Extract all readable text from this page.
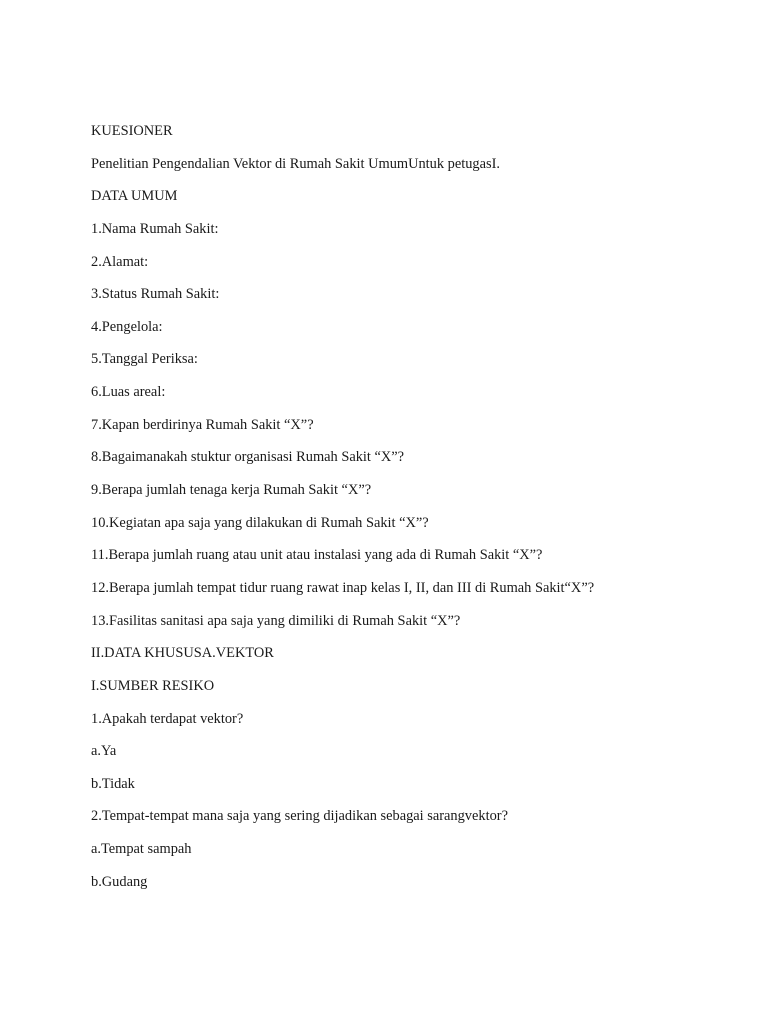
KUESIONER
Penelitian Pengendalian Vektor di Rumah Sakit UmumUntuk petugasI.
DATA UMUM
1.Nama Rumah Sakit:
2.Alamat:
3.Status Rumah Sakit:
4.Pengelola:
5.Tanggal Periksa:
6.Luas areal:
7.Kapan berdirinya Rumah Sakit “X”?
8.Bagaimanakah stuktur organisasi Rumah Sakit “X”?
9.Berapa jumlah tenaga kerja Rumah Sakit “X”?
10.Kegiatan apa saja yang dilakukan di Rumah Sakit “X”?
11.Berapa jumlah ruang atau unit atau instalasi yang ada di Rumah Sakit “X”?
12.Berapa jumlah tempat tidur ruang rawat inap kelas I, II, dan III di Rumah Sakit“X”?
13.Fasilitas sanitasi apa saja yang dimiliki di Rumah Sakit “X”?
II.DATA KHUSUSA.VEKTOR
I.SUMBER RESIKO
1.Apakah terdapat vektor?
a.Ya
b.Tidak
2.Tempat-tempat mana saja yang sering dijadikan sebagai sarangvektor?
a.Tempat sampah
b.Gudang
